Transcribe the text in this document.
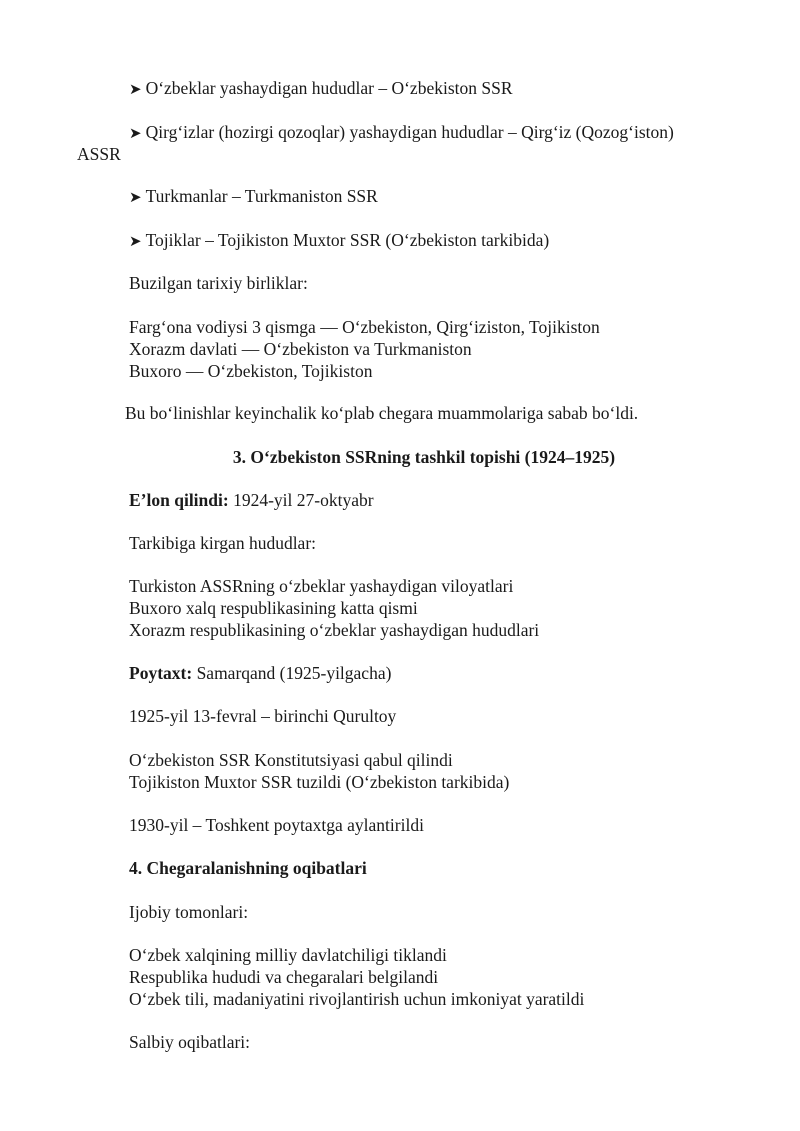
➤ O‘zbeklar yashaydigan hududlar – O‘zbekiston SSR
➤ Qirg‘izlar (hozirgi qozoqlar) yashaydigan hududlar – Qirg‘iz (Qozog‘iston)
ASSR
➤ Turkmanlar – Turkmaniston SSR
➤ Tojiklar – Tojikiston Muxtor SSR (O‘zbekiston tarkibida)
Buzilgan tarixiy birliklar:
Farg‘ona vodiysi 3 qismga — O‘zbekiston, Qirg‘iziston, Tojikiston
Xorazm davlati — O‘zbekiston va Turkmaniston
Buxoro — O‘zbekiston, Tojikiston
Bu bo‘linishlar keyinchalik ko‘plab chegara muammolariga sabab bo‘ldi.
3. O‘zbekiston SSRning tashkil topishi (1924–1925)
E’lon qilindi: 1924-yil 27-oktyabr
Tarkibiga kirgan hududlar:
Turkiston ASSRning o‘zbeklar yashaydigan viloyatlari
Buxoro xalq respublikasining katta qismi
Xorazm respublikasining o‘zbeklar yashaydigan hududlari
Poytaxt: Samarqand (1925-yilgacha)
1925-yil 13-fevral – birinchi Qurultoy
O‘zbekiston SSR Konstitutsiyasi qabul qilindi
Tojikiston Muxtor SSR tuzildi (O‘zbekiston tarkibida)
1930-yil – Toshkent poytaxtga aylantirildi
4. Chegaralanishning oqibatlari
Ijobiy tomonlari:
O‘zbek xalqining milliy davlatchiligi tiklandi
Respublika hududi va chegaralari belgilandi
O‘zbek tili, madaniyatini rivojlantirish uchun imkoniyat yaratildi
Salbiy oqibatlari:
